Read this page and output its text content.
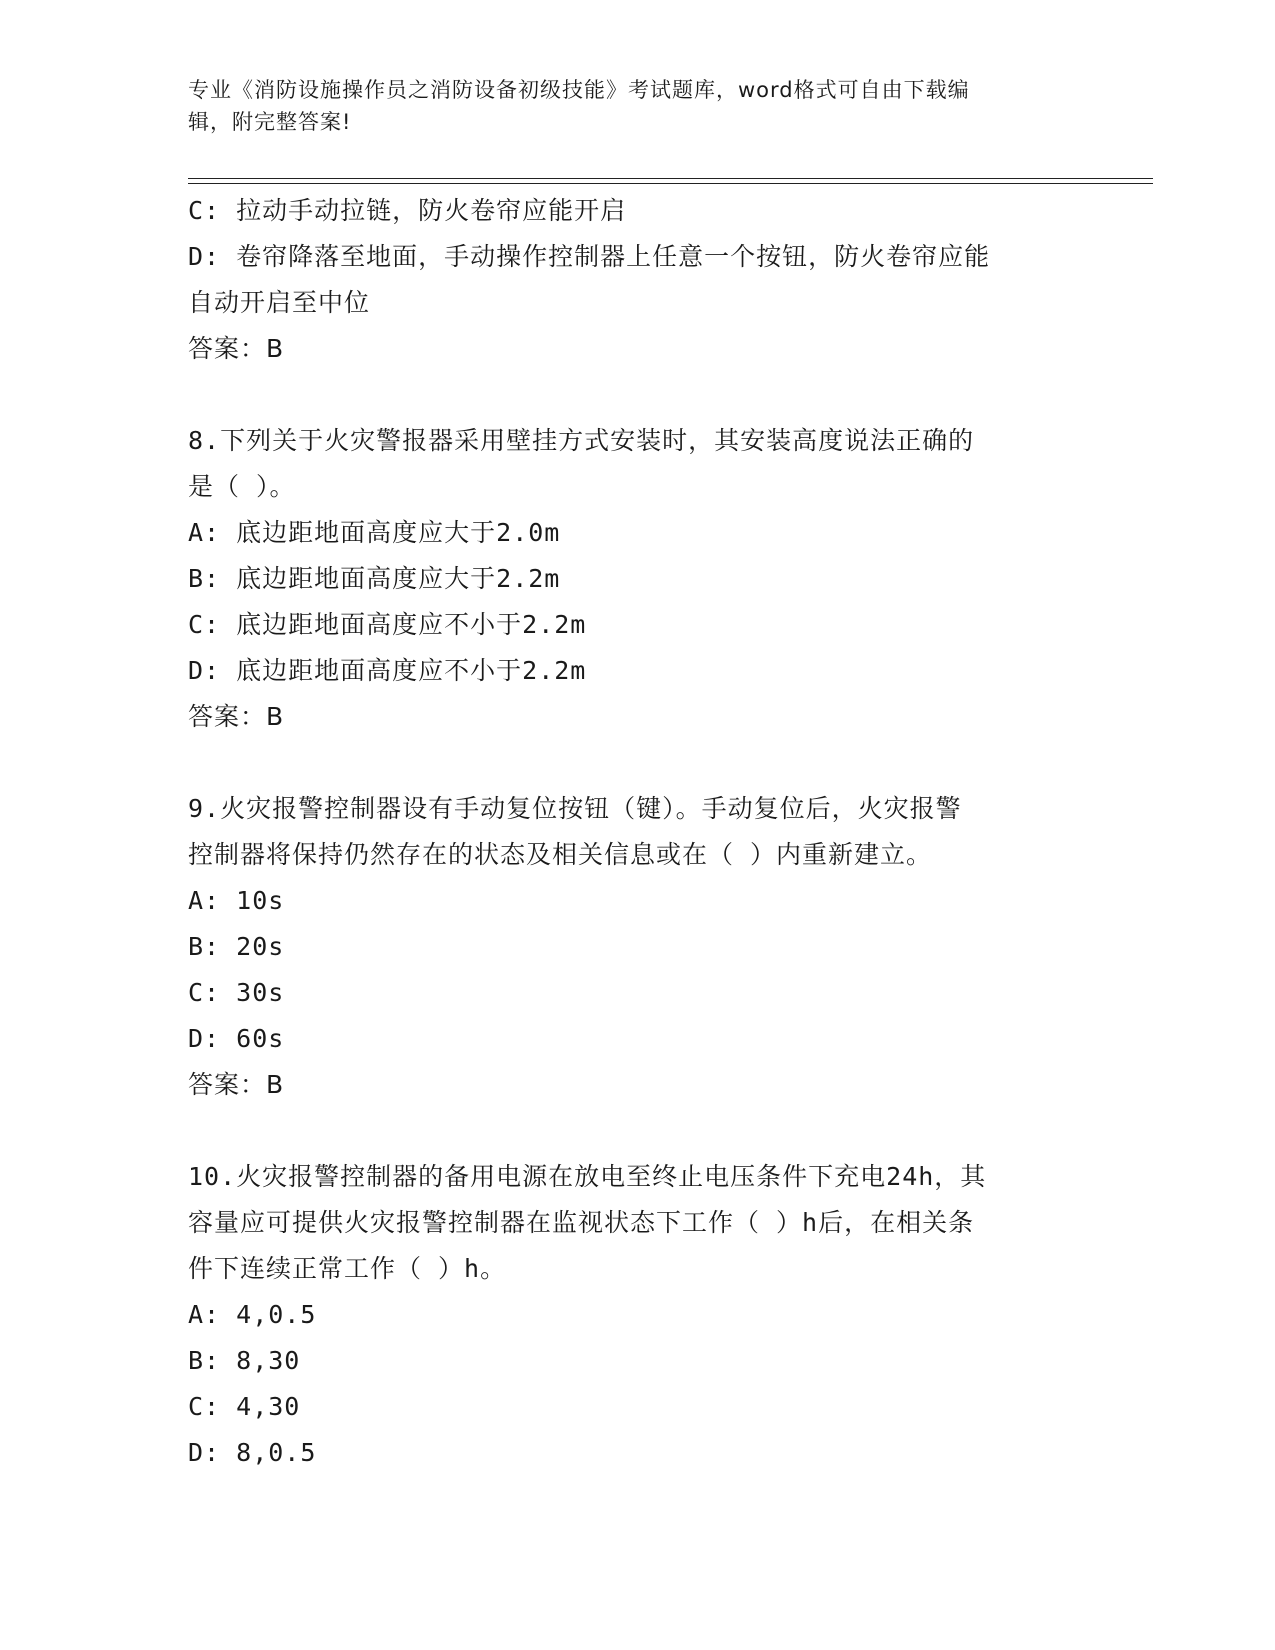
专业《消防设施操作员之消防设备初级技能》考试题库，word格式可自由下载编
辑，附完整答案!
C: 拉动手动拉链，防火卷帘应能开启
D: 卷帘降落至地面，手动操作控制器上任意一个按钮，防火卷帘应能
自动开启至中位
答案：B
8.下列关于火灾警报器采用壁挂方式安装时，其安装高度说法正确的
是（ ）。
A: 底边距地面高度应大于2.0m
B: 底边距地面高度应大于2.2m
C: 底边距地面高度应不小于2.2m
D: 底边距地面高度应不小于2.2m
答案：B
9.火灾报警控制器设有手动复位按钮（键）。手动复位后，火灾报警
控制器将保持仍然存在的状态及相关信息或在（ ）内重新建立。
A: 10s
B: 20s
C: 30s
D: 60s
答案：B
10.火灾报警控制器的备用电源在放电至终止电压条件下充电24h，其
容量应可提供火灾报警控制器在监视状态下工作（ ）h后，在相关条
件下连续正常工作（ ）h。
A: 4,0.5
B: 8,30
C: 4,30
D: 8,0.5
